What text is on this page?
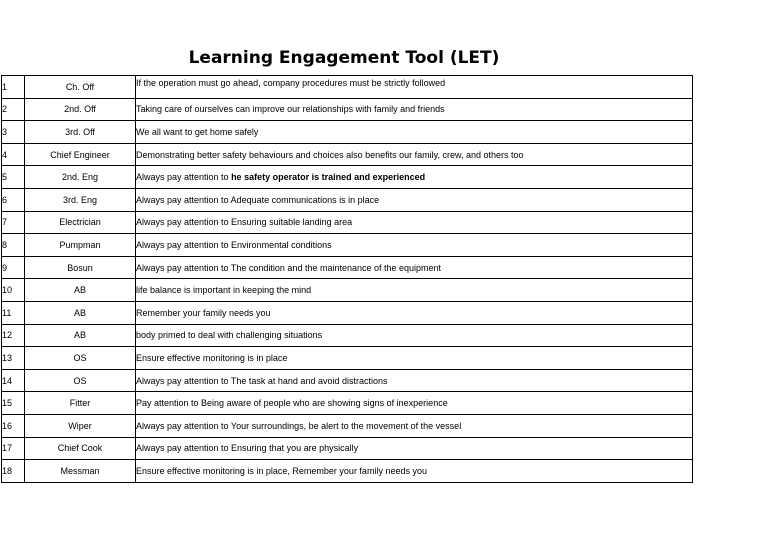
Learning Engagement Tool (LET)
1	Ch. Off	If the operation must go ahead, company procedures must be strictly followed

2	2nd. Off	Taking care of ourselves can improve our relationships with family and friends
3	3rd. Off	We all want to get home safely
4	Chief Engineer	Demonstrating better safety behaviours and choices also benefits our family, crew, and others too
5	2nd. Eng	Always pay attention to he safety operator is trained and experienced
6	3rd. Eng	Always pay attention to Adequate communications is in place
7	Electrician	Always pay attention to Ensuring suitable landing area
8	Pumpman	Always pay attention to Environmental conditions
9	Bosun	Always pay attention to The condition and the maintenance of the equipment
10	AB	life balance is important in keeping the mind
11	AB	Remember your family needs you
12	AB	body primed to deal with challenging situations
13	OS	Ensure effective monitoring is in place
14	OS	Always pay attention to The task at hand and avoid distractions
15	Fitter	Pay attention to Being aware of people who are showing signs of inexperience
16	Wiper	Always pay attention to Your surroundings, be alert to the movement of the vessel
17	Chief Cook	Always pay attention to Ensuring that you are physically
18	Messman	Ensure effective monitoring is in place, Remember your family needs you
